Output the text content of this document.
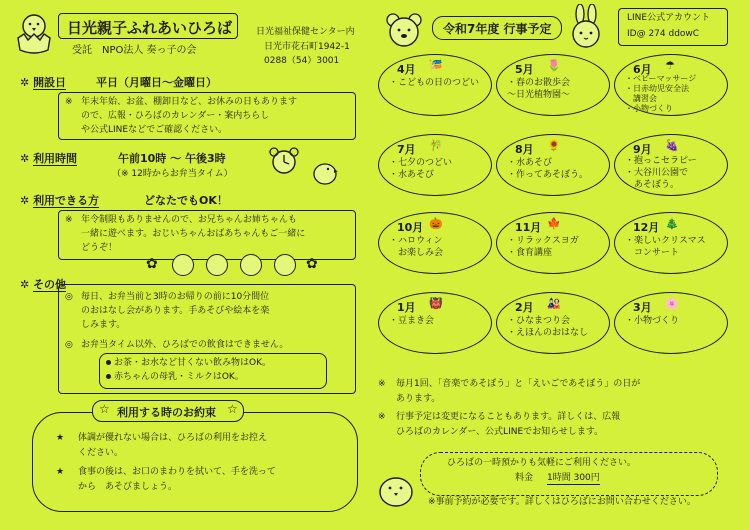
日光親子ふれあいひろば
受託　NPO法人 奏っ子の会
日光福祉保健センター内
日光市花石町1942-1
0288（54）3001
✲ 開設日	平日（月曜日～金曜日）
※ 年末年始、お盆、棚卸日など、お休みの日もあります
ので、広報・ひろばのカレンダー・案内ちらし
や公式LINEなどでご確認ください。
✲ 利用時間	午前10時 ～ 午後3時
（※ 12時からお弁当タイム）
✲ 利用できる方	どなたでもOK！
※ 年令制限もありませんので、お兄ちゃんお姉ちゃんも
一緒に遊べます。おじいちゃんおばあちゃんもご一緒に
どうぞ！
✿	✿
✲ その他
◎ 毎日、お弁当前と3時のお帰りの前に10分間位
のおはなし会があります。手あそびや絵本を楽
しみます。
◎ お弁当タイム以外、ひろばでの飲食はできません。
お茶・お水など甘くない飲み物はOK。
赤ちゃんの母乳・ミルクはOK。
☆ 利用する時のお約束 ☆
★ 体調が優れない場合は、ひろばの利用をお控え
ください。
★ 食事の後は、お口のまわりを拭いて、手を洗って
から　あそびましょう。
令和7年度 行事予定
LINE公式アカウント
ID@ 274 ddowC
4月 🎏
・こどもの日のつどい
5月 🌷
・春のお散歩会
～日光植物園～
6月 ☂
・ベビーマッサージ
・日赤幼児安全法
　講習会
・小物づくり
7月 🎋
・七夕のつどい
・水あそび
8月 🌻
・水あそび
・作ってあそぼう。
9月 🍇
・抱っこセラピー
・大谷川公園で
　あそぼう。
10月 🎃
・ハロウィン
　お楽しみ会
11月 🍁
・リラックスヨガ
・食育講座
12月 🎄
・楽しいクリスマス
　コンサート
1月 👹
・豆まき会
2月 🎎
・ひなまつり会
・えほんのおはなし
3月 🌸
・小物づくり
※ 毎月1回、「音楽であそぼう」と「えいごであそぼう」の日が
あります。
※ 行事予定は変更になることもあります。詳しくは、広報
ひろばのカレンダー、公式LINEでお知らせします。
ひろばの一時預かりも気軽にご利用ください。
料金 1時間 300円
※事前予約が必要です。詳しくはひろばにお問い合わせください。
